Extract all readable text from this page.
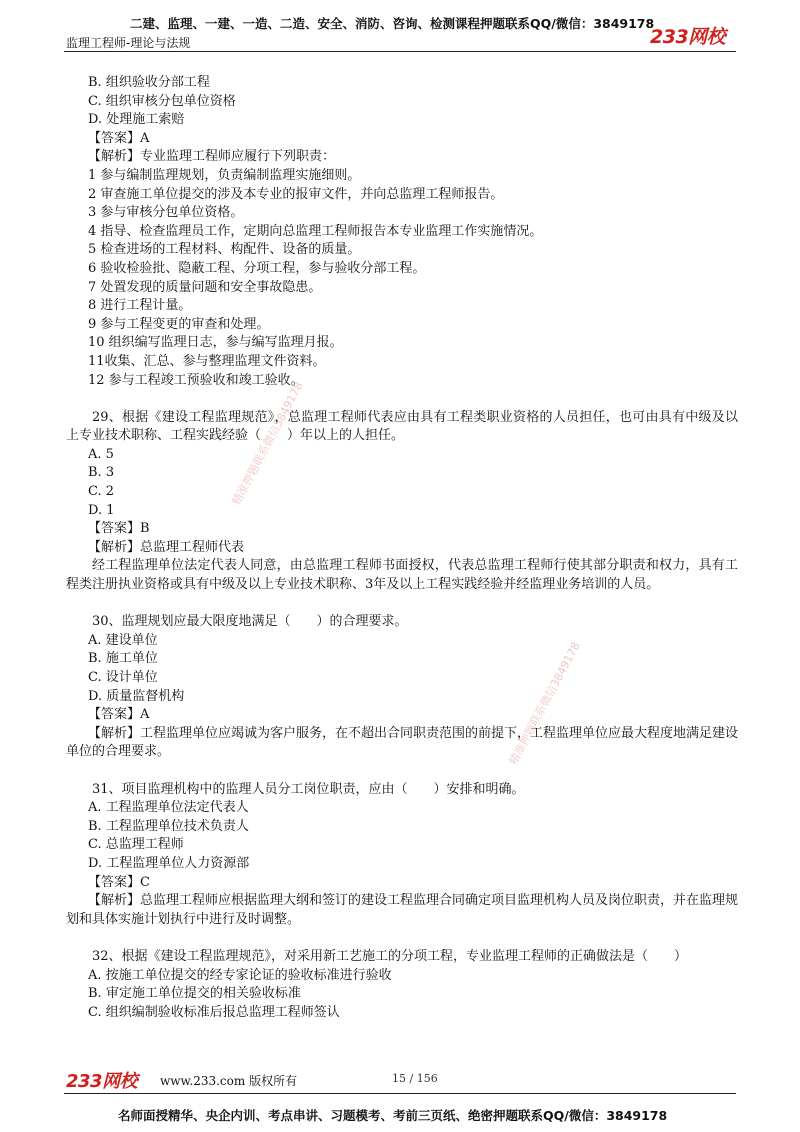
二建、监理、一建、一造、二造、安全、消防、咨询、检测课程押题联系QQ/微信：3849178
监理工程师-理论与法规	233网校
精准押题联系微信3849178
精准押题联系微信3849178
B. 组织验收分部工程
C. 组织审核分包单位资格
D. 处理施工索赔
【答案】A
【解析】专业监理工程师应履行下列职责：
1 参与编制监理规划，负责编制监理实施细则。
2 审查施工单位提交的涉及本专业的报审文件，并向总监理工程师报告。
3 参与审核分包单位资格。
4 指导、检查监理员工作，定期向总监理工程师报告本专业监理工作实施情况。
5 检查进场的工程材料、构配件、设备的质量。
6 验收检验批、隐蔽工程、分项工程，参与验收分部工程。
7 处置发现的质量问题和安全事故隐患。
8 进行工程计量。
9 参与工程变更的审查和处理。
10 组织编写监理日志，参与编写监理月报。
11收集、汇总、参与整理监理文件资料。
12 参与工程竣工预验收和竣工验收。
29、根据《建设工程监理规范》，总监理工程师代表应由具有工程类职业资格的人员担任，也可由具有中级及以上专业技术职称、工程实践经验（　　）年以上的人担任。
A. 5
B. 3
C. 2
D. 1
【答案】B
【解析】总监理工程师代表
经工程监理单位法定代表人同意，由总监理工程师书面授权，代表总监理工程师行使其部分职责和权力，具有工程类注册执业资格或具有中级及以上专业技术职称、3年及以上工程实践经验并经监理业务培训的人员。
30、监理规划应最大限度地满足（　　）的合理要求。
A. 建设单位
B. 施工单位
C. 设计单位
D. 质量监督机构
【答案】A
【解析】工程监理单位应竭诚为客户服务，在不超出合同职责范围的前提下，工程监理单位应最大程度地满足建设单位的合理要求。
31、项目监理机构中的监理人员分工岗位职责，应由（　　）安排和明确。
A. 工程监理单位法定代表人
B. 工程监理单位技术负责人
C. 总监理工程师
D. 工程监理单位人力资源部
【答案】C
【解析】总监理工程师应根据监理大纲和签订的建设工程监理合同确定项目监理机构人员及岗位职责，并在监理规划和具体实施计划执行中进行及时调整。
32、根据《建设工程监理规范》，对采用新工艺施工的分项工程，专业监理工程师的正确做法是（　　）
A. 按施工单位提交的经专家论证的验收标准进行验收
B. 审定施工单位提交的相关验收标准
C. 组织编制验收标准后报总监理工程师签认
233网校 www.233.com 版权所有	15 / 156
名师面授精华、央企内训、考点串讲、习题模考、考前三页纸、绝密押题联系QQ/微信：3849178
